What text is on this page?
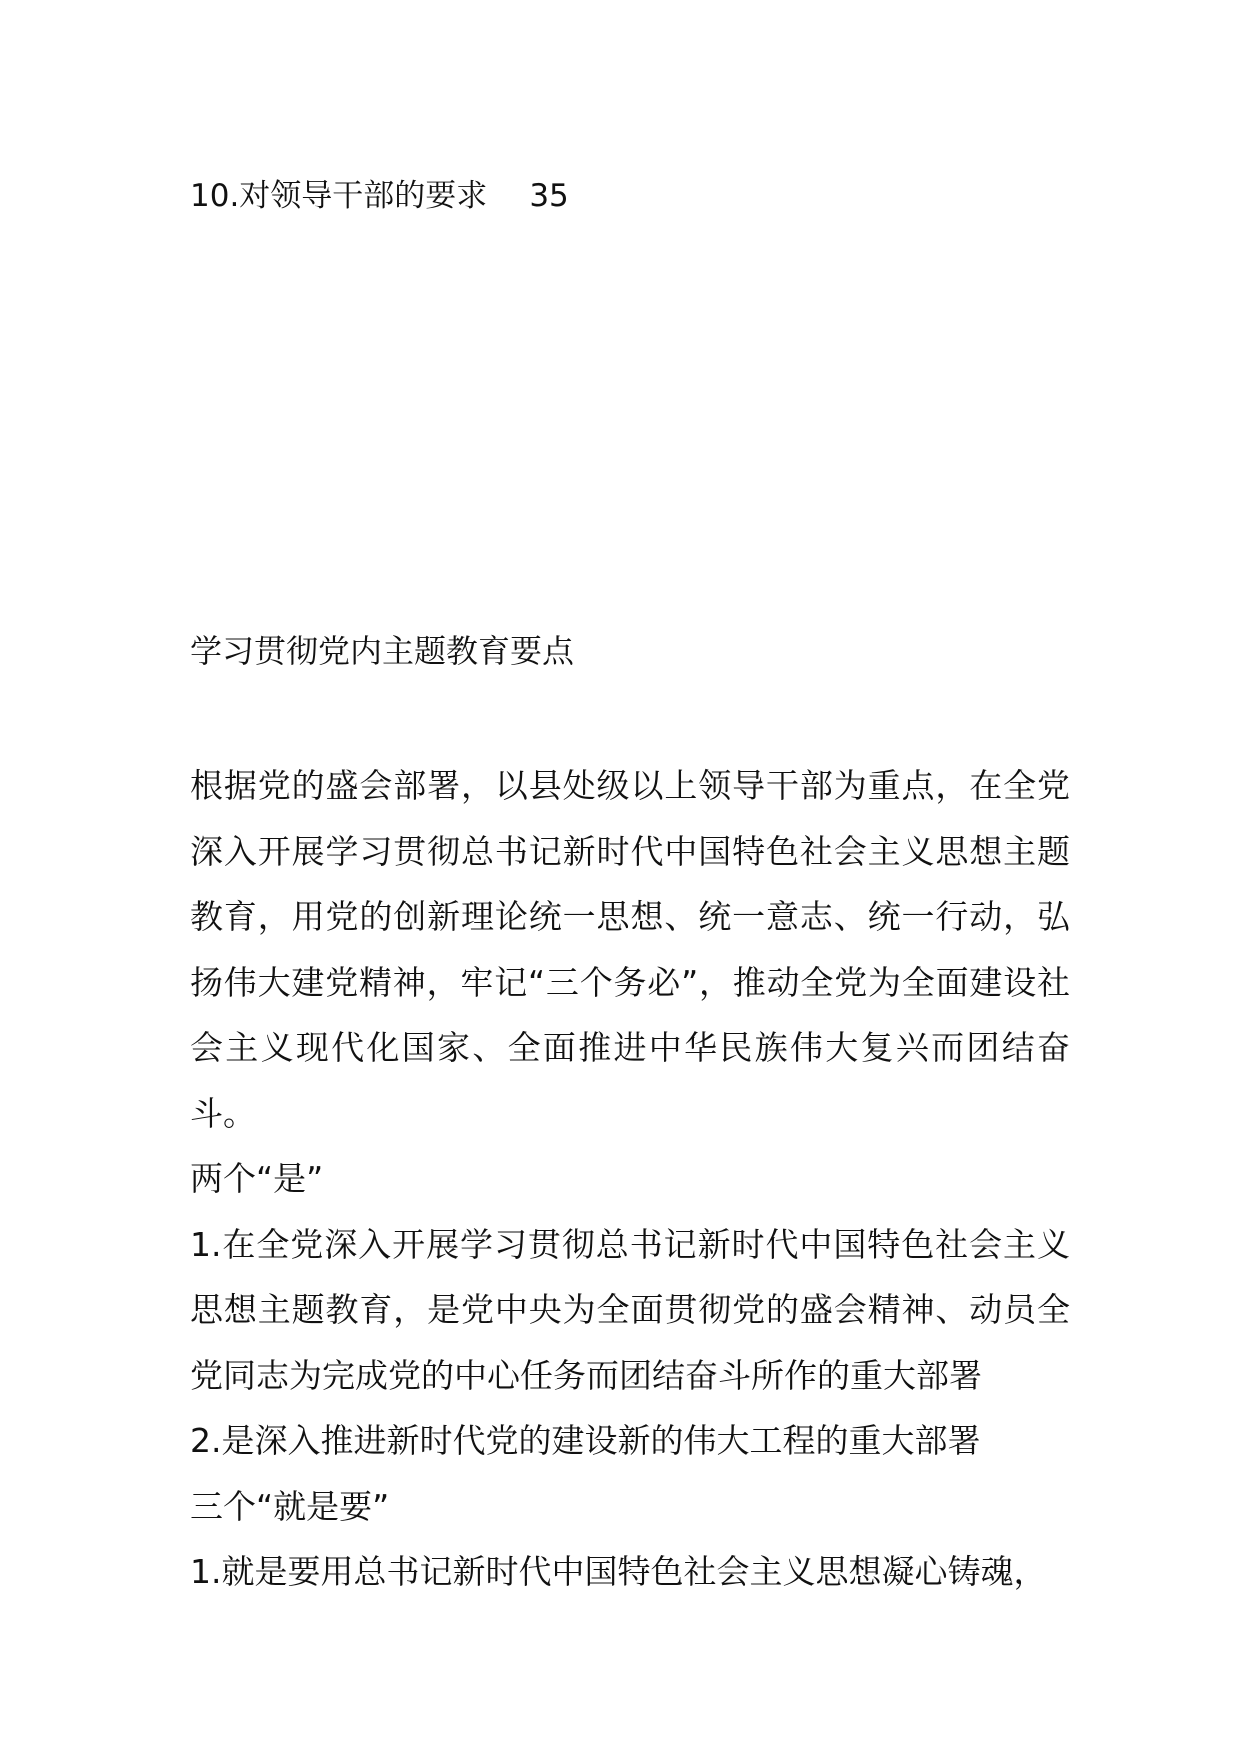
10.对领导干部的要求 35
学习贯彻党内主题教育要点

根据党的盛会部署，以县处级以上领导干部为重点，在全党深入开展学习贯彻总书记新时代中国特色社会主义思想主题教育，用党的创新理论统一思想、统一意志、统一行动，弘扬伟大建党精神，牢记“三个务必”，推动全党为全面建设社会主义现代化国家、全面推进中华民族伟大复兴而团结奋斗。

两个“是”

1.在全党深入开展学习贯彻总书记新时代中国特色社会主义思想主题教育，是党中央为全面贯彻党的盛会精神、动员全党同志为完成党的中心任务而团结奋斗所作的重大部署

2.是深入推进新时代党的建设新的伟大工程的重大部署

三个“就是要”

1.就是要用总书记新时代中国特色社会主义思想凝心铸魂，
